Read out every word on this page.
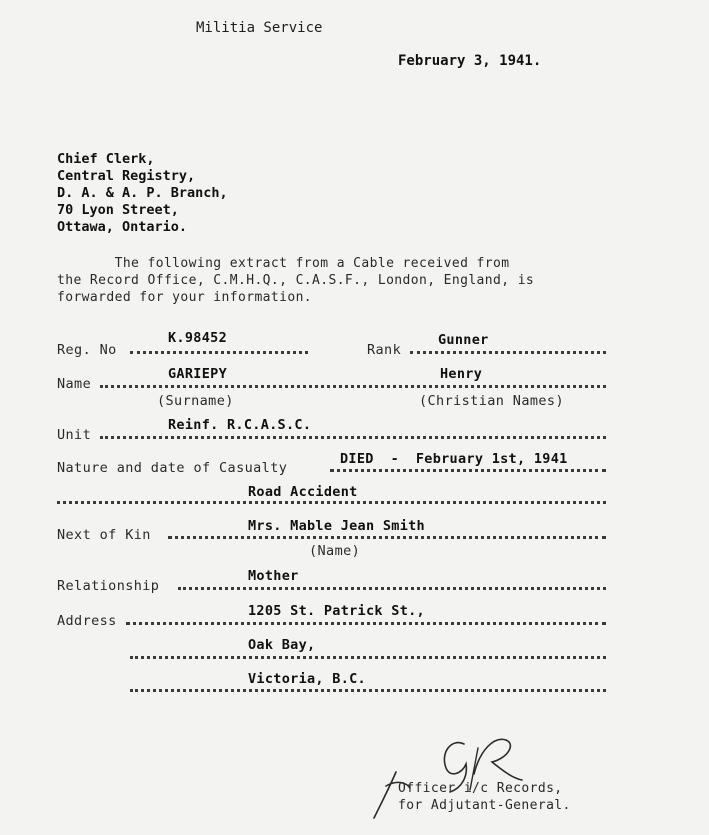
Militia Service
February 3, 1941.
Chief Clerk,
Central Registry,
D. A. & A. P. Branch,
70 Lyon Street,
Ottawa, Ontario.
The following extract from a Cable received from
the Record Office, C.M.H.Q., C.A.S.F., London, England, is
forwarded for your information.
Reg. No
K.98452
Rank
Gunner
Name
GARIEPY	Henry
(Surname)	(Christian Names)
Unit
Reinf. R.C.A.S.C.
Nature and date of Casualty
DIED  -  February 1st, 1941
Road Accident
Next of Kin
Mrs. Mable Jean Smith
(Name)
Relationship
Mother
Address
1205 St. Patrick St.,
Oak Bay,
Victoria, B.C.
Officer i/c Records,
for Adjutant-General.
